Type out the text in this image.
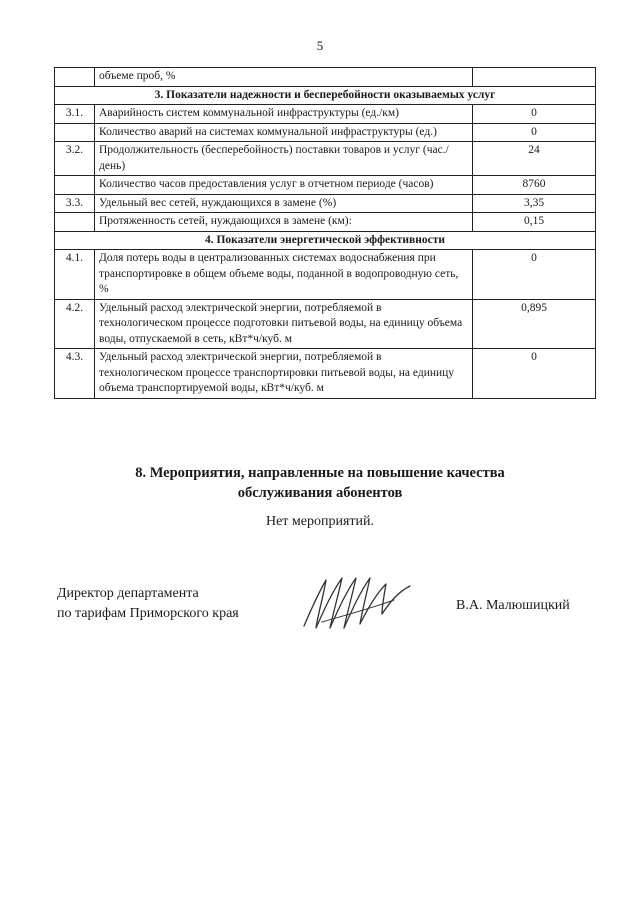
5
	объеме проб, %	
3. Показатели надежности и бесперебойности оказываемых услуг		
3.1.	Аварийность систем коммунальной инфраструктуры (ед./км)	0
	Количество аварий на системах коммунальной инфраструктуры (ед.)	0
3.2.	Продолжительность (бесперебойность) поставки товаров и услуг (час./день)	24
	Количество часов предоставления услуг в отчетном периоде (часов)	8760
3.3.	Удельный вес сетей, нуждающихся в замене (%)	3,35
	Протяженность сетей, нуждающихся в замене (км):	0,15
4. Показатели энергетической эффективности		
4.1.	Доля потерь воды в централизованных системах водоснабжения при транспортировке в общем объеме воды, поданной в водопроводную сеть, %	0
4.2.	Удельный расход электрической энергии, потребляемой в технологическом процессе подготовки питьевой воды, на единицу объема воды, отпускаемой в сеть, кВт*ч/куб. м	0,895
4.3.	Удельный расход электрической энергии, потребляемой в технологическом процессе транспортировки питьевой воды, на единицу объема транспортируемой воды, кВт*ч/куб. м	0
8. Мероприятия, направленные на повышение качества
обслуживания абонентов
Нет мероприятий.
Директор департамента
по тарифам Приморского края
В.А. Малюшицкий
